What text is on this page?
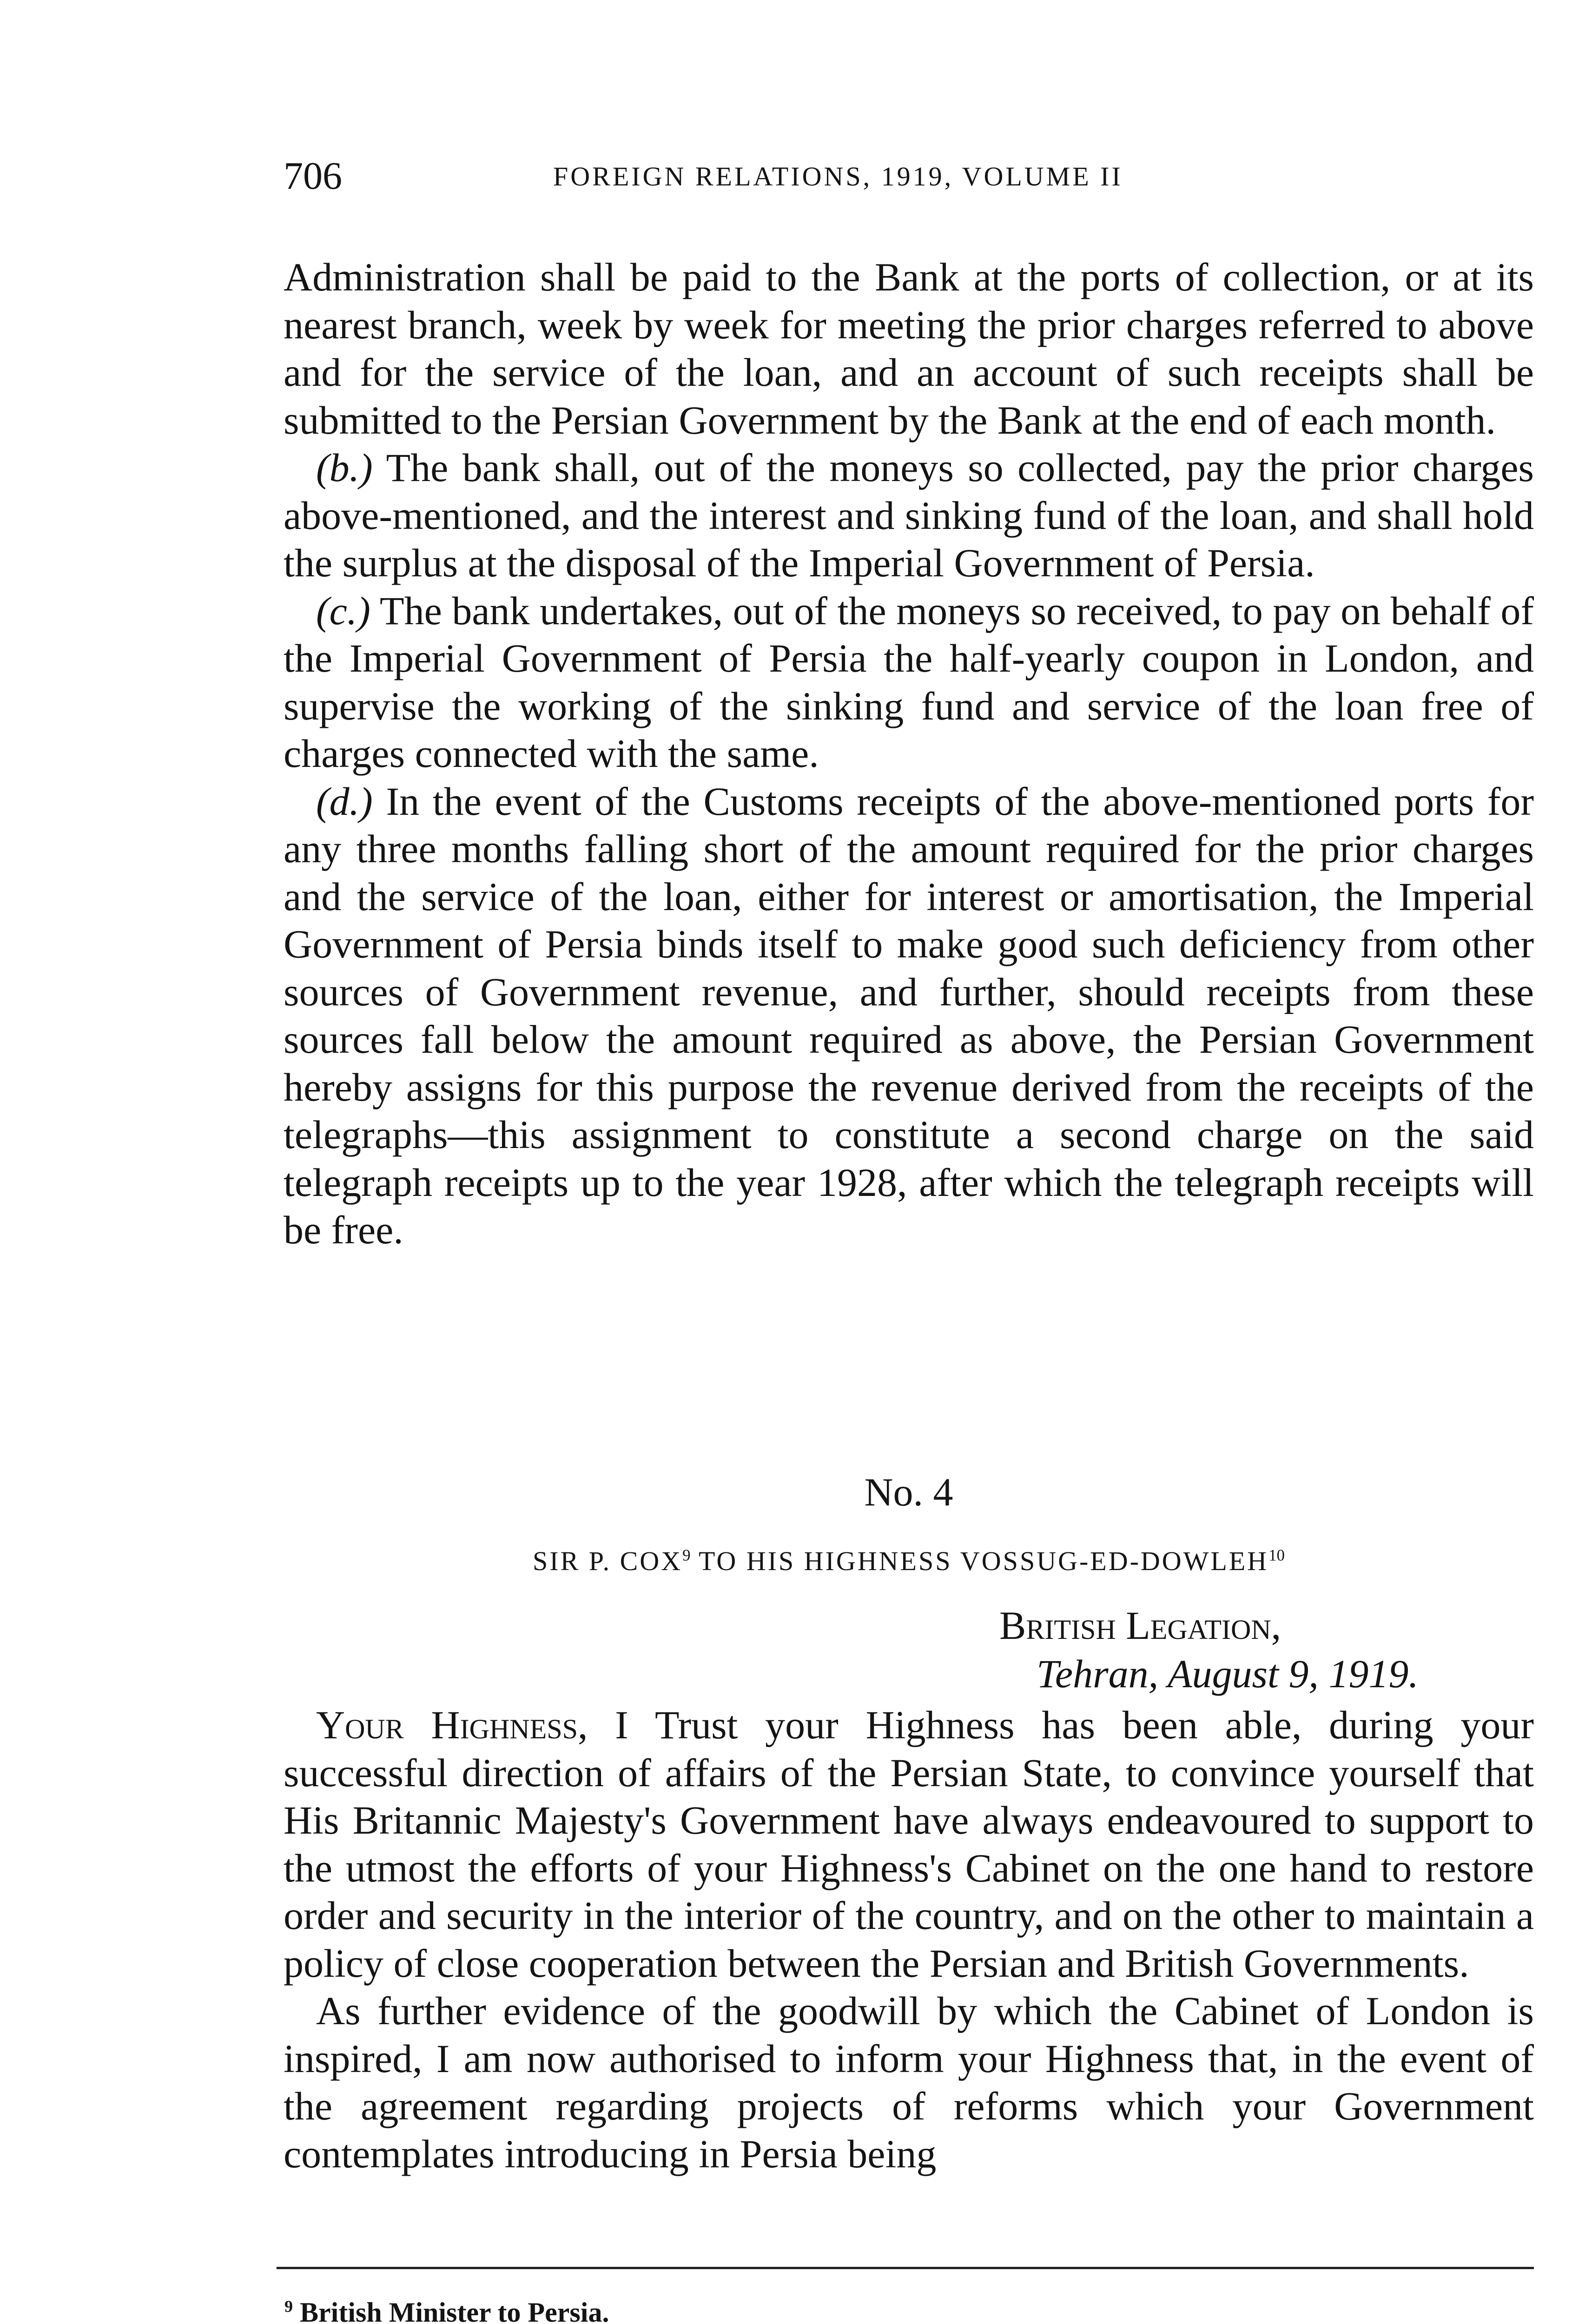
706	FOREIGN RELATIONS, 1919, VOLUME II

Administration shall be paid to the Bank at the ports of collection, or at its nearest branch, week by week for meeting the prior charges referred to above and for the service of the loan, and an account of such receipts shall be submitted to the Persian Government by the Bank at the end of each month.

(b.) The bank shall, out of the moneys so collected, pay the prior charges above-mentioned, and the interest and sinking fund of the loan, and shall hold the surplus at the disposal of the Imperial Government of Persia.

(c.) The bank undertakes, out of the moneys so received, to pay on behalf of the Imperial Government of Persia the half-yearly coupon in London, and supervise the working of the sinking fund and service of the loan free of charges connected with the same.

(d.) In the event of the Customs receipts of the above-mentioned ports for any three months falling short of the amount required for the prior charges and the service of the loan, either for interest or amortisation, the Imperial Government of Persia binds itself to make good such deficiency from other sources of Government revenue, and further, should receipts from these sources fall below the amount required as above, the Persian Government hereby assigns for this purpose the revenue derived from the receipts of the telegraphs—this assignment to constitute a second charge on the said telegraph receipts up to the year 1928, after which the telegraph receipts will be free.

No. 4
SIR P. COX$^9$ TO HIS HIGHNESS VOSSUG-ED-DOWLEH$^{10}$
British Legation,
Tehran, August 9, 1919.

Your Highness, I Trust your Highness has been able, during your successful direction of affairs of the Persian State, to convince yourself that His Britannic Majesty's Government have always endeavoured to support to the utmost the efforts of your Highness's Cabinet on the one hand to restore order and security in the interior of the country, and on the other to maintain a policy of close cooperation between the Persian and British Governments.

As further evidence of the goodwill by which the Cabinet of London is inspired, I am now authorised to inform your Highness that, in the event of the agreement regarding projects of reforms which your Government contemplates introducing in Persia being

$^9$ British Minister to Persia.
